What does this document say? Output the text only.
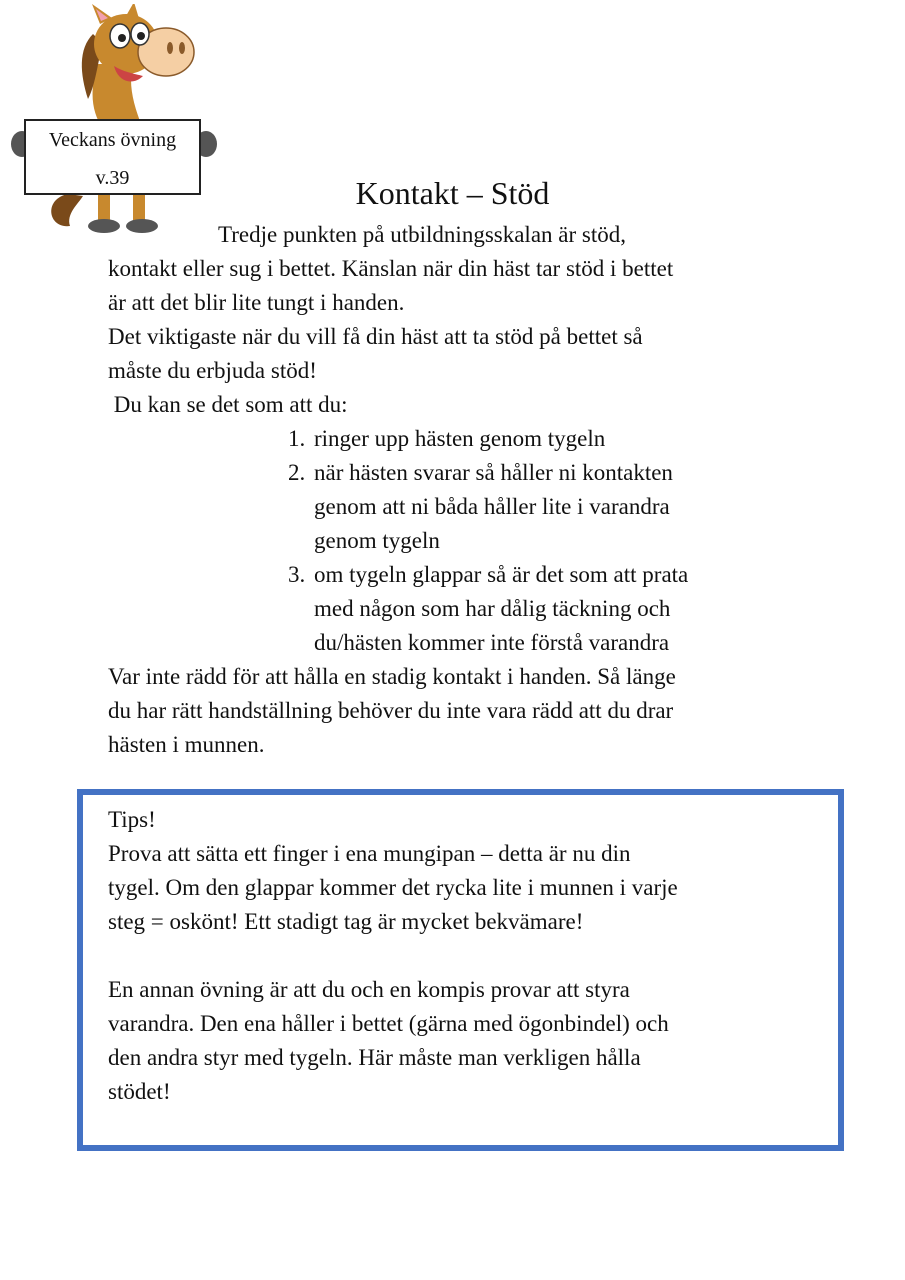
Veckans övning
v.39	Kontakt – Stöd

Tredje punkten på utbildningsskalan är stöd,

kontakt eller sug i bettet. Känslan när din häst tar stöd i bettet

är att det blir lite tungt i handen.

Det viktigaste när du vill få din häst att ta stöd på bettet så

måste du erbjuda stöd!

Du kan se det som att du:

1. ringer upp hästen genom tygeln
2. när hästen svarar så håller ni kontakten
genom att ni båda håller lite i varandra
genom tygeln
3. om tygeln glappar så är det som att prata
med någon som har dålig täckning och
du/hästen kommer inte förstå varandra

Var inte rädd för att hålla en stadig kontakt i handen. Så länge

du har rätt handställning behöver du inte vara rädd att du drar

hästen i munnen.

Tips!

Prova att sätta ett finger i ena mungipan – detta är nu din

tygel. Om den glappar kommer det rycka lite i munnen i varje

steg = oskönt! Ett stadigt tag är mycket bekvämare!

En annan övning är att du och en kompis provar att styra

varandra. Den ena håller i bettet (gärna med ögonbindel) och

den andra styr med tygeln. Här måste man verkligen hålla

stödet!
